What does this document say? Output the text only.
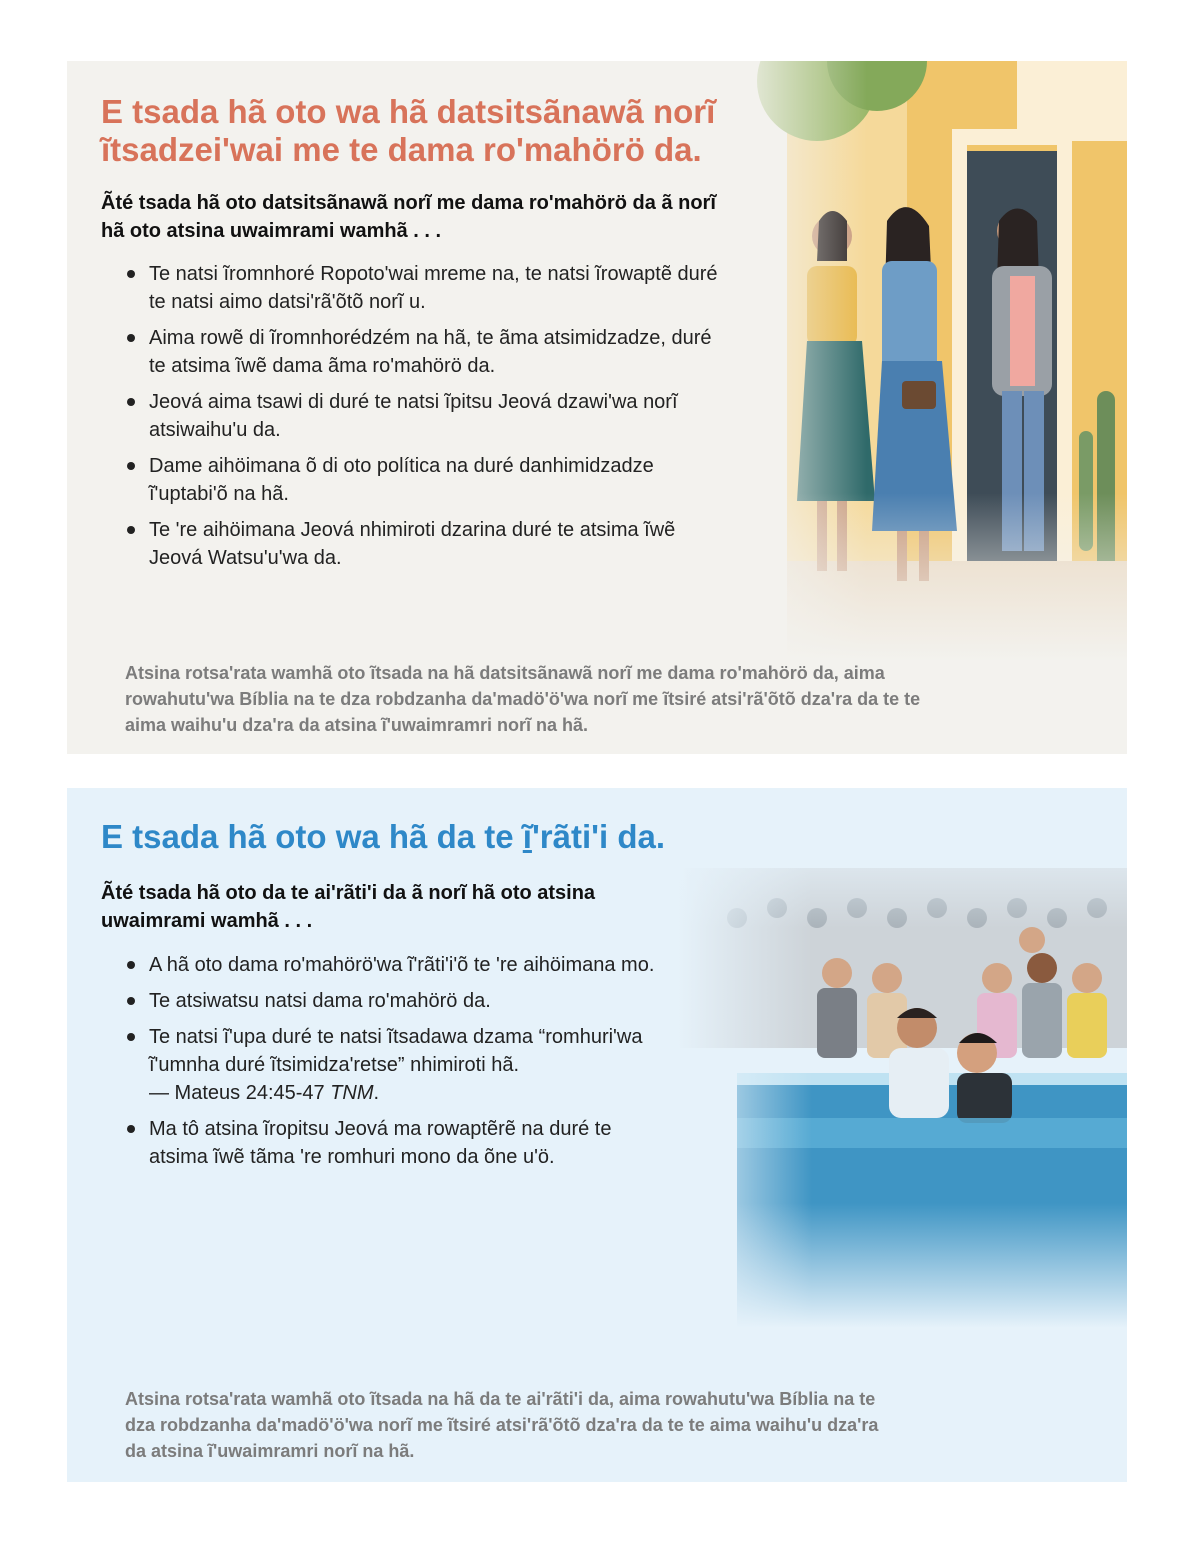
E tsada hã oto wa hã datsitsãnawã norĩ ĩtsadzei'wai me te dama ro'mahörö da.

Ãté tsada hã oto datsitsãnawã norĩ me dama ro'mahörö da ã norĩ hã oto atsina uwaimrami wamhã . . .

Te natsi ĩromnhoré Ropoto'wai mreme na, te natsi ĩrowaptẽ duré te natsi aimo datsi'rã'õtõ norĩ u.
Aima rowẽ di ĩromnhorédzém na hã, te ãma atsimidzadze, duré te atsima ĩwẽ dama ãma ro'mahörö da.
Jeová aima tsawi di duré te natsi ĩpitsu Jeová dzawi'wa norĩ atsiwaihu'u da.
Dame aihöimana õ di oto política na duré danhimidzadze ĩ'uptabi'õ na hã.
Te 're aihöimana Jeová nhimiroti dzarina duré te atsima ĩwẽ Jeová Watsu'u'wa da.

Atsina rotsa'rata wamhã oto ĩtsada na hã datsitsãnawã norĩ me dama ro'mahörö da, aima rowahutu'wa Bíblia na te dza robdzanha da'madö'ö'wa norĩ me ĩtsiré atsi'rã'õtõ dza'ra da te te aima waihu'u dza'ra da atsina ĩ'uwaimramri norĩ na hã.

E tsada hã oto wa hã da te ĩ'rãti'i da.

Ãté tsada hã oto da te ai'rãti'i da ã norĩ hã oto atsina uwaimrami wamhã . . .

A hã oto dama ro'mahörö'wa ĩ'rãti'i'õ te 're aihöimana mo.
Te atsiwatsu natsi dama ro'mahörö da.
Te natsi ĩ'upa duré te natsi ĩtsadawa dzama “romhuri'wa ĩ'umnha duré ĩtsimidza'retse” nhimiroti hã.
— Mateus 24:45-47 TNM.
Ma tô atsina ĩropitsu Jeová ma rowaptẽrẽ na duré te atsima ĩwẽ tãma 're romhuri mono da õne u'ö.

Atsina rotsa'rata wamhã oto ĩtsada na hã da te ai'rãti'i da, aima rowahutu'wa Bíblia na te dza robdzanha da'madö'ö'wa norĩ me ĩtsiré atsi'rã'õtõ dza'ra da te te aima waihu'u dza'ra da atsina ĩ'uwaimramri norĩ na hã.
